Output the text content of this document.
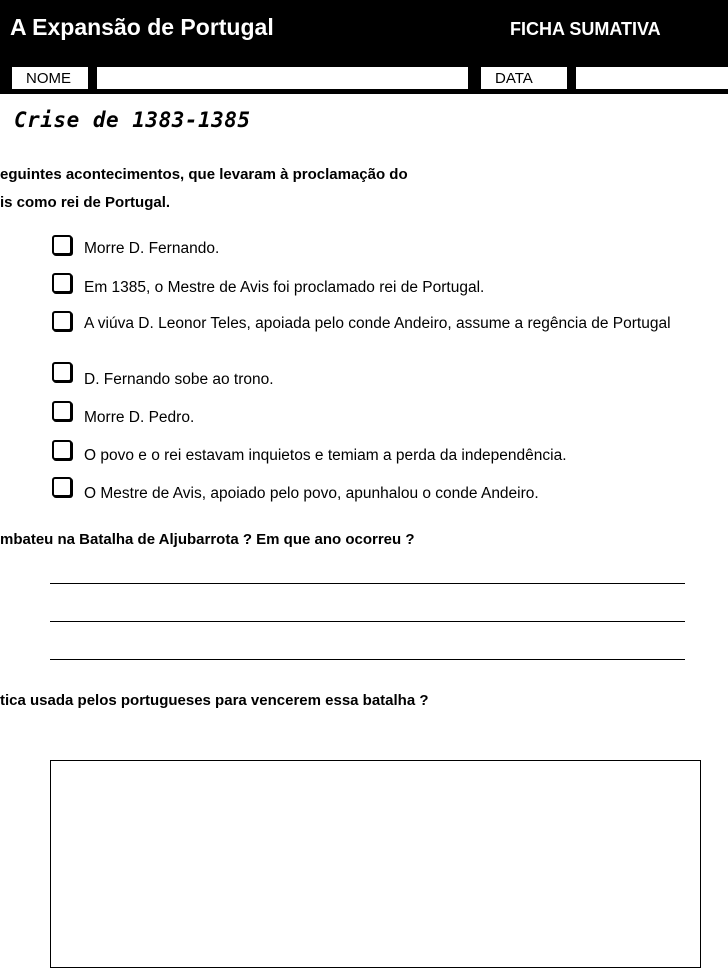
A Expansão de Portugal	FICHA SUMATIVA
NOME	DATA
Crise de 1383-1385
eguintes acontecimentos, que levaram à proclamação do
is como rei de Portugal.
Morre D. Fernando.
Em 1385, o Mestre de Avis foi proclamado rei de Portugal.
A viúva D. Leonor Teles, apoiada pelo conde Andeiro, assume a regência de Portugal
D. Fernando sobe ao trono.
Morre D. Pedro.
O povo e o rei estavam inquietos e temiam a perda da independência.
O Mestre de Avis, apoiado pelo povo, apunhalou o conde Andeiro.
mbateu na Batalha de Aljubarrota ? Em que ano ocorreu ?
tica usada pelos portugueses para vencerem essa batalha ?
